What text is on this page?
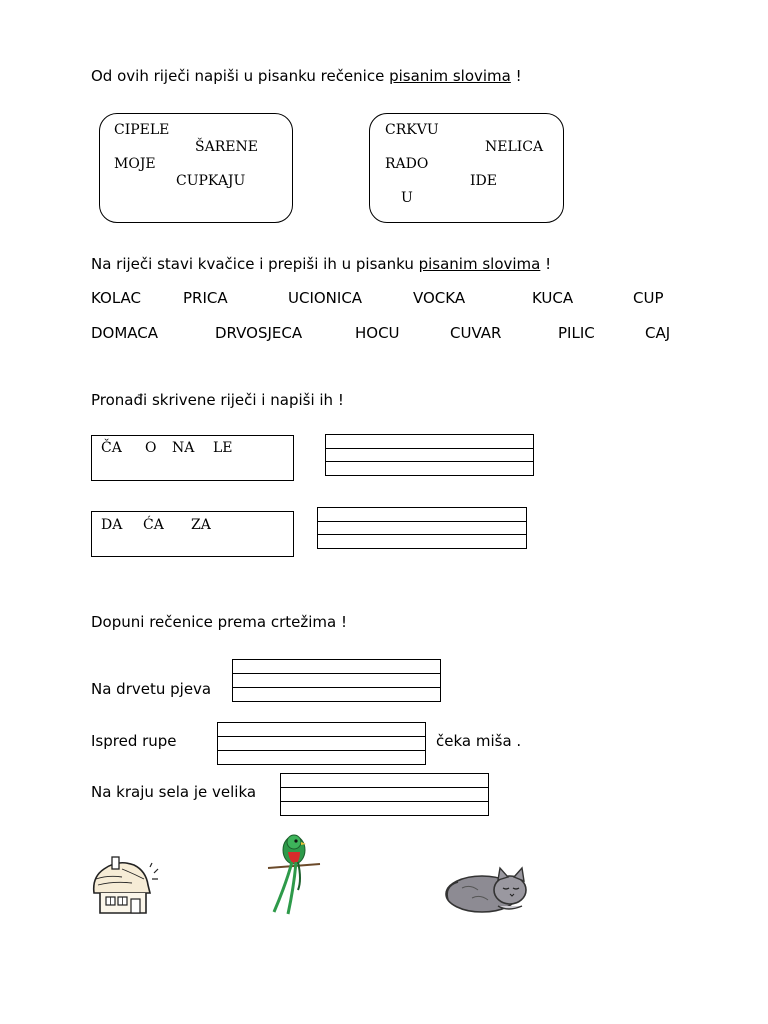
Od ovih riječi napiši u pisanku rečenice pisanim slovima !
CIPELE
ŠARENE
MOJE
CUPKAJU
CRKVU
NELICA
RADO
IDE
U
Na riječi stavi kvačice i prepiši ih u pisanku pisanim slovima !
KOLAC	PRICA	UCIONICA	VOCKA	KUCA	CUP
DOMACA	DRVOSJECA	HOCU	CUVAR	PILIC	CAJ
Pronađi skrivene riječi i napiši ih !
ČA O NA LE
DA ĆA ZA
Dopuni rečenice prema crtežima !
Na drvetu pjeva
Ispred rupe	čeka miša .
Na kraju sela je velika
